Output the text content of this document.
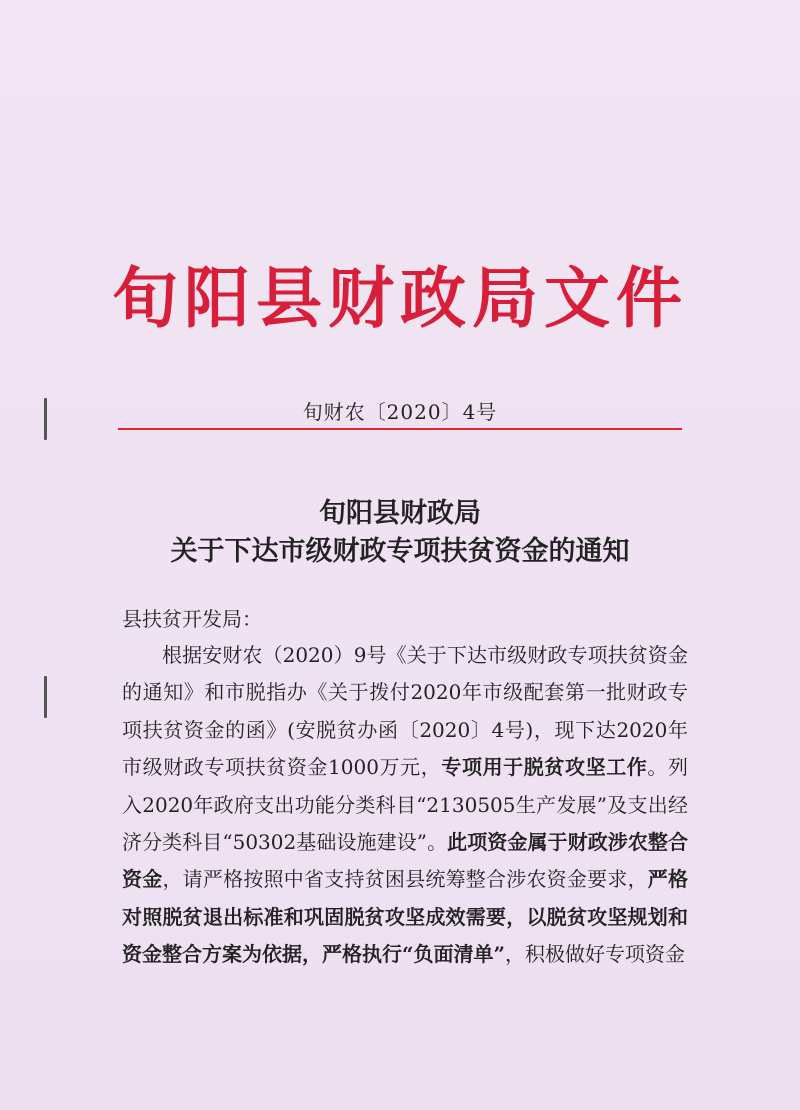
旬阳县财政局文件
旬财农〔2020〕4号
旬阳县财政局
关于下达市级财政专项扶贫资金的通知
县扶贫开发局：
根据安财农（2020）9号《关于下达市级财政专项扶贫资金的通知》和市脱指办《关于拨付2020年市级配套第一批财政专项扶贫资金的函》(安脱贫办函〔2020〕4号)，现下达2020年市级财政专项扶贫资金1000万元，专项用于脱贫攻坚工作。列入2020年政府支出功能分类科目“2130505生产发展”及支出经济分类科目“50302基础设施建设”。此项资金属于财政涉农整合资金，请严格按照中省支持贫困县统筹整合涉农资金要求，严格对照脱贫退出标准和巩固脱贫攻坚成效需要，以脱贫攻坚规划和资金整合方案为依据，严格执行“负面清单”，积极做好专项资金
